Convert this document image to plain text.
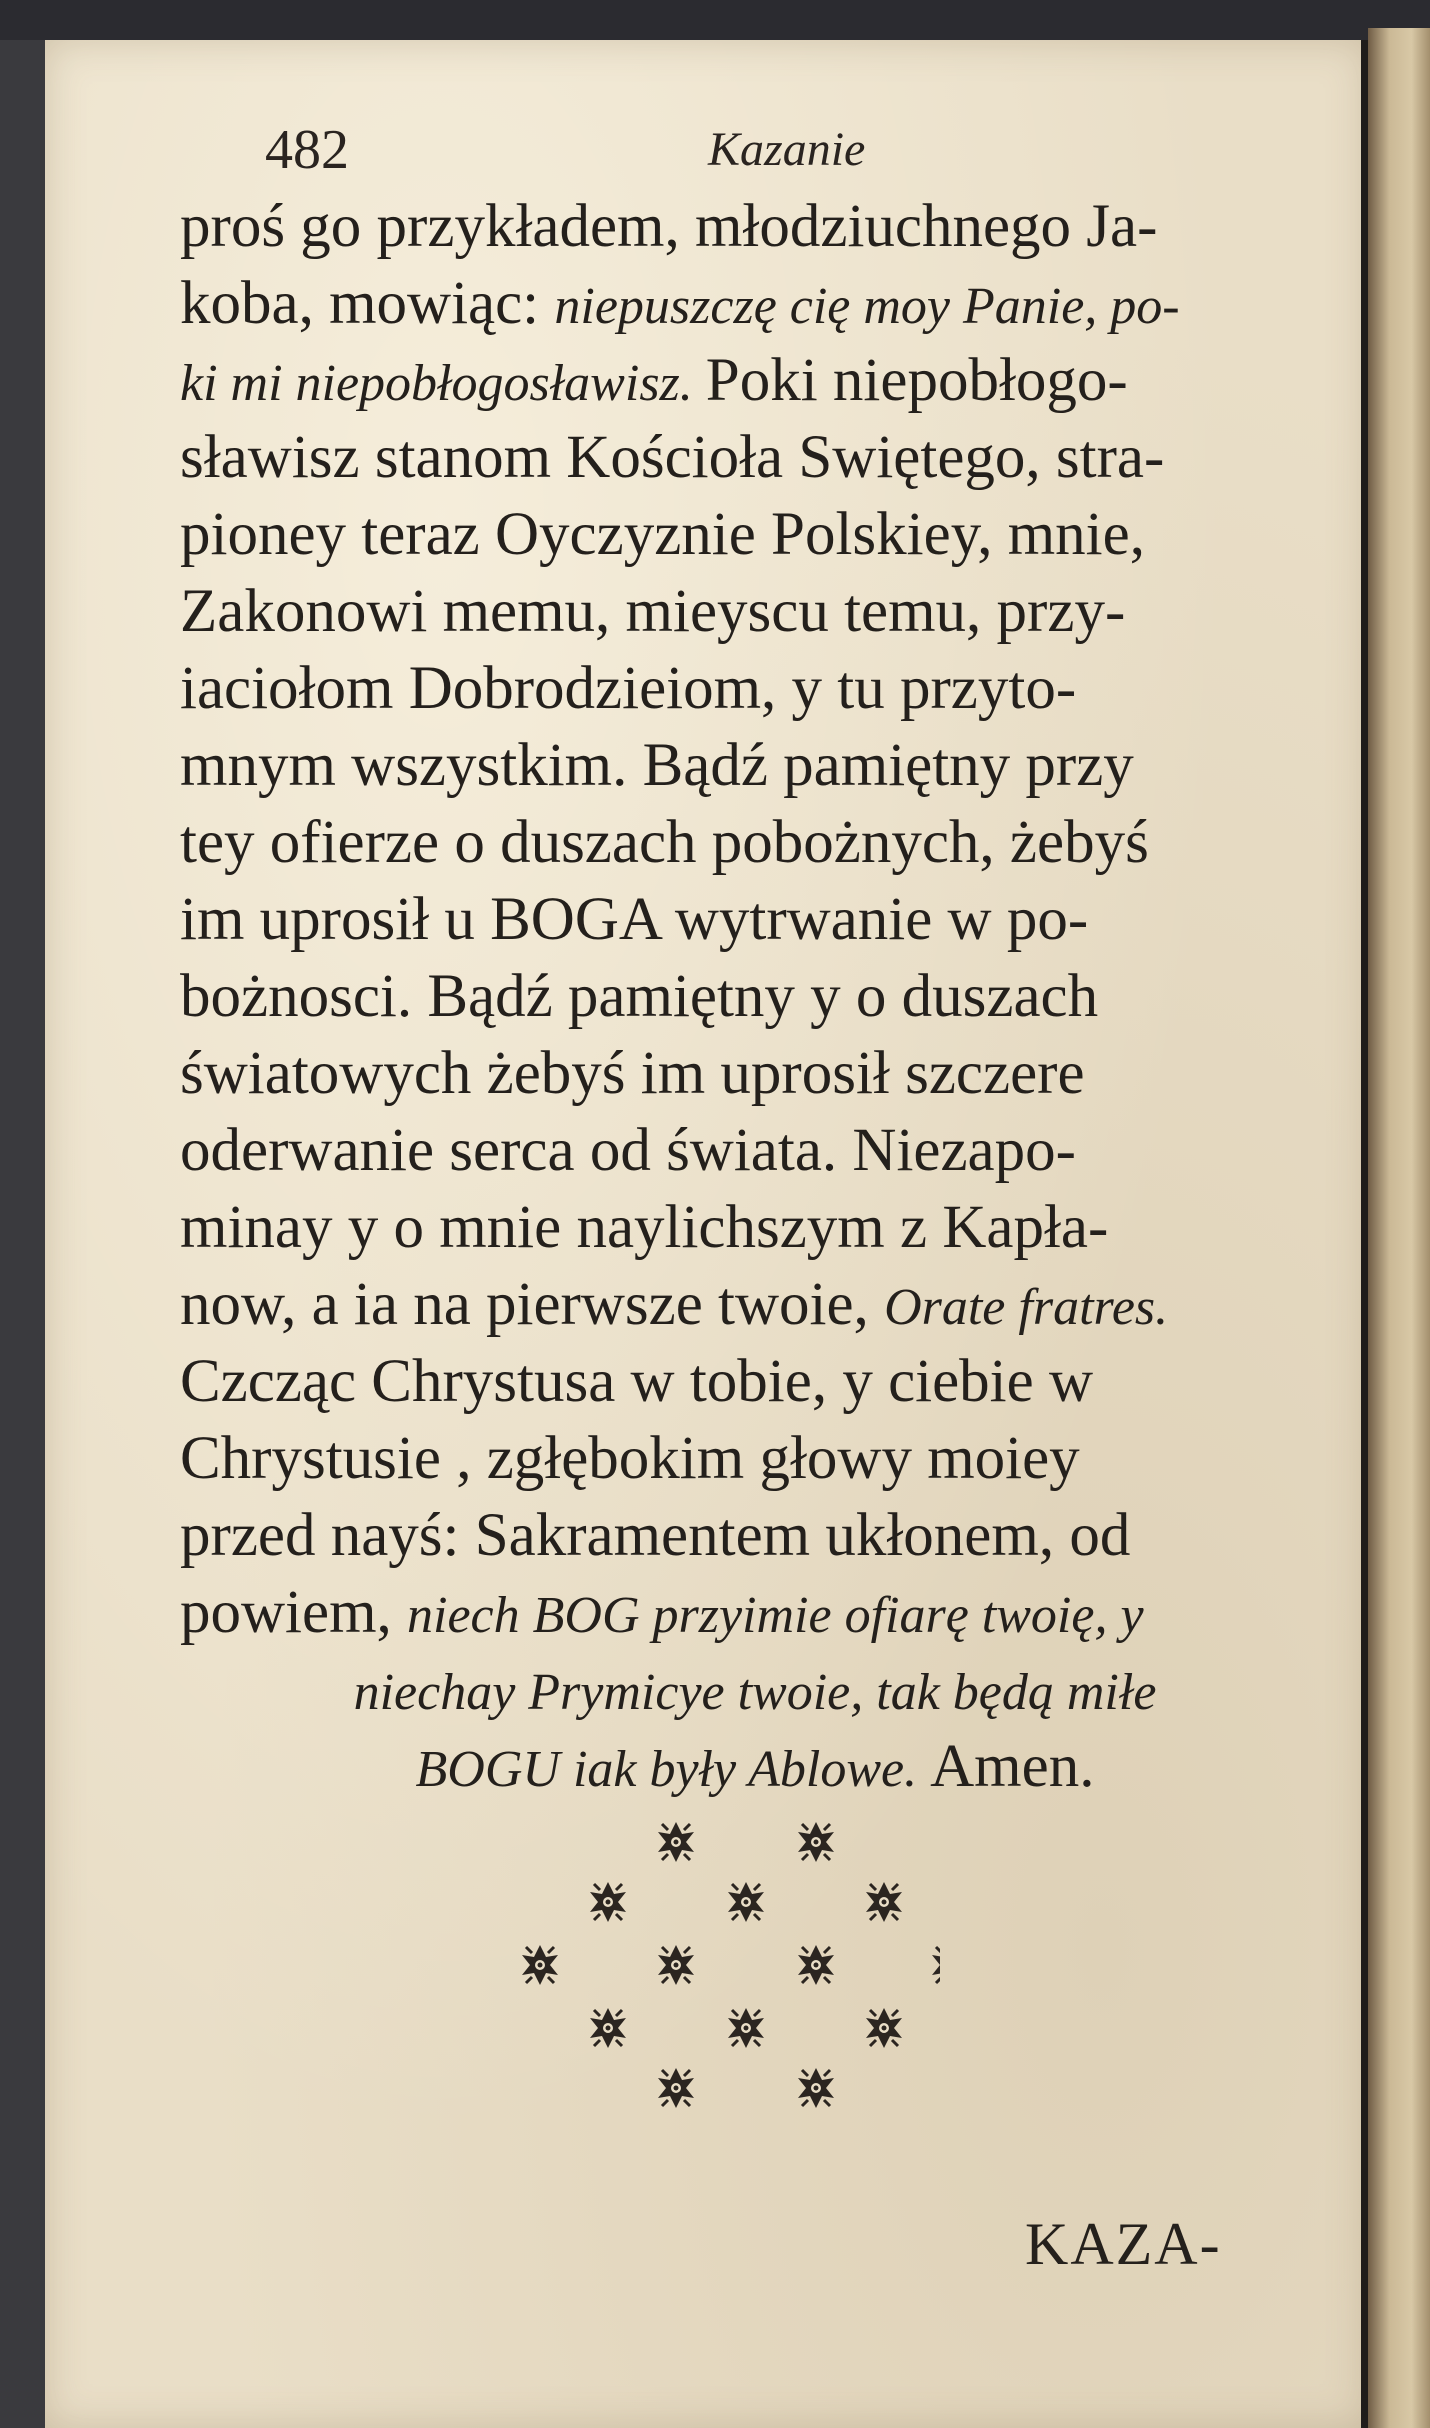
482	Kazanie
proś go przykładem, młodziuchnego Ja-
koba, mowiąc: niepuszczę cię moy Panie, po-
ki mi niepobłogosławisz. Poki niepobłogo-
sławisz stanom Kościoła Swiętego, stra-
pioney teraz Oyczyznie Polskiey, mnie,
Zakonowi memu, mieyscu temu, przy-
iaciołom Dobrodzieiom, y tu przyto-
mnym wszystkim. Bądź pamiętny przy
tey ofierze o duszach pobożnych, żebyś
im uprosił u BOGA wytrwanie w po-
bożnosci. Bądź pamiętny y o duszach
światowych żebyś im uprosił szczere
oderwanie serca od świata. Niezapo-
minay y o mnie naylichszym z Kapła-
now, a ia na pierwsze twoie, Orate fratres.
Czcząc Chrystusa w tobie, y ciebie w
Chrystusie , zgłębokim głowy moiey
przed nayś: Sakramentem ukłonem, od
powiem, niech BOG przyimie ofiarę twoię, y
niechay Prymicye twoie, tak będą miłe
BOGU iak były Ablowe. Amen.
KAZA-
